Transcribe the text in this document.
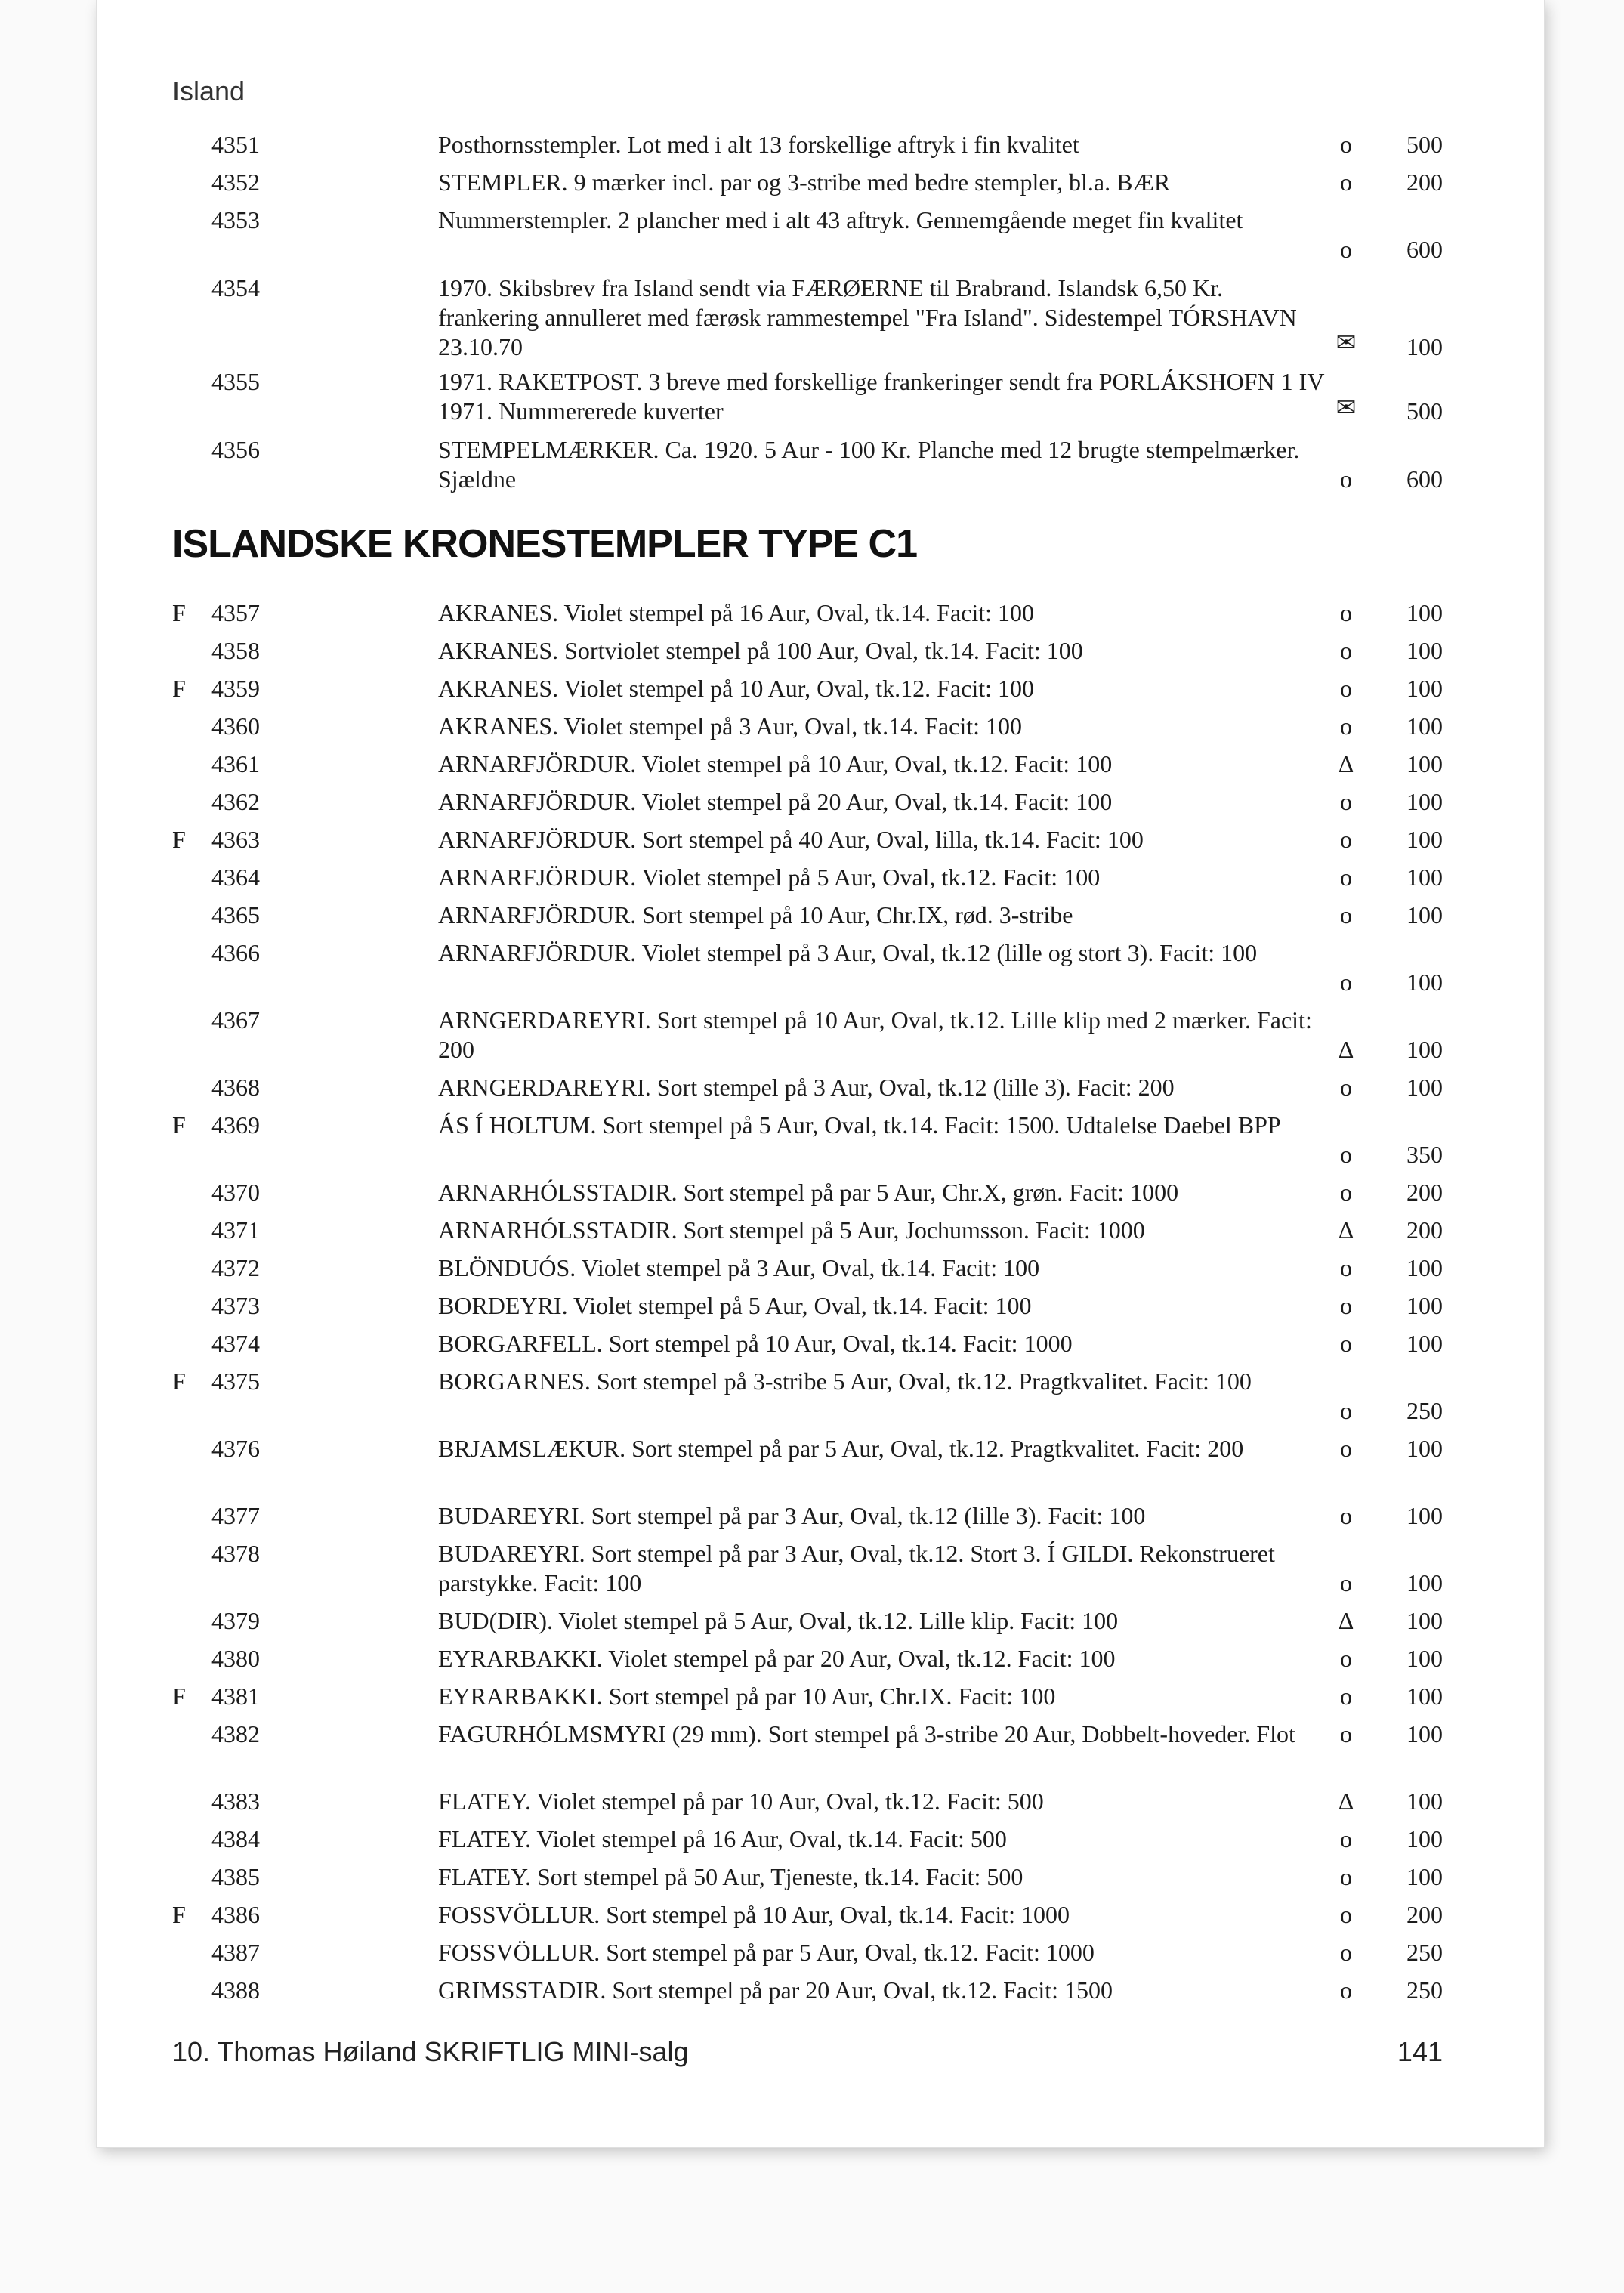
Island
4351	Posthornsstempler. Lot med i alt 13 forskellige aftryk i fin kvalitet	o	500
4352	STEMPLER. 9 mærker incl. par og 3-stribe med bedre stempler, bl.a. BÆR	o	200
4353	Nummerstempler. 2 plancher med i alt 43 aftryk. Gennemgående meget fin kvalitet
o	600
4354	1970. Skibsbrev fra Island sendt via FÆRØERNE til Brabrand. Islandsk 6,50 Kr. frankering annulleret med færøsk rammestempel "Fra Island". Sidestempel TÓRSHAVN 23.10.70	✉	100
4355	1971. RAKETPOST. 3 breve med forskellige frankeringer sendt fra PORLÁKSHOFN 1 IV 1971. Nummererede kuverter	✉	500
4356	STEMPELMÆRKER. Ca. 1920. 5 Aur - 100 Kr. Planche med 12 brugte stempelmærker. Sjældne	o	600
ISLANDSKE KRONESTEMPLER TYPE C1
F 4357	AKRANES. Violet stempel på 16 Aur, Oval, tk.14. Facit: 100	o	100
4358	AKRANES. Sortviolet stempel på 100 Aur, Oval, tk.14. Facit: 100	o	100
F 4359	AKRANES. Violet stempel på 10 Aur, Oval, tk.12. Facit: 100	o	100
4360	AKRANES. Violet stempel på 3 Aur, Oval, tk.14. Facit: 100	o	100
4361	ARNARFJÖRDUR. Violet stempel på 10 Aur, Oval, tk.12. Facit: 100	Δ	100
4362	ARNARFJÖRDUR. Violet stempel på 20 Aur, Oval, tk.14. Facit: 100	o	100
F 4363	ARNARFJÖRDUR. Sort stempel på 40 Aur, Oval, lilla, tk.14. Facit: 100	o	100
4364	ARNARFJÖRDUR. Violet stempel på 5 Aur, Oval, tk.12. Facit: 100	o	100
4365	ARNARFJÖRDUR. Sort stempel på 10 Aur, Chr.IX, rød. 3-stribe	o	100
4366	ARNARFJÖRDUR. Violet stempel på 3 Aur, Oval, tk.12 (lille og stort 3). Facit: 100
o	100
4367	ARNGERDAREYRI. Sort stempel på 10 Aur, Oval, tk.12. Lille klip med 2 mærker. Facit: 200	Δ	100
4368	ARNGERDAREYRI. Sort stempel på 3 Aur, Oval, tk.12 (lille 3). Facit: 200	o	100
F 4369	ÁS Í HOLTUM. Sort stempel på 5 Aur, Oval, tk.14. Facit: 1500. Udtalelse Daebel BPP
o	350
4370	ARNARHÓLSSTADIR. Sort stempel på par 5 Aur, Chr.X, grøn. Facit: 1000	o	200
4371	ARNARHÓLSSTADIR. Sort stempel på 5 Aur, Jochumsson. Facit: 1000	Δ	200
4372	BLÖNDUÓS. Violet stempel på 3 Aur, Oval, tk.14. Facit: 100	o	100
4373	BORDEYRI. Violet stempel på 5 Aur, Oval, tk.14. Facit: 100	o	100
4374	BORGARFELL. Sort stempel på 10 Aur, Oval, tk.14. Facit: 1000	o	100
F 4375	BORGARNES. Sort stempel på 3-stribe 5 Aur, Oval, tk.12. Pragtkvalitet. Facit: 100
o	250
4376	BRJAMSLÆKUR. Sort stempel på par 5 Aur, Oval, tk.12. Pragtkvalitet. Facit: 200	o	100
4377	BUDAREYRI. Sort stempel på par 3 Aur, Oval, tk.12 (lille 3). Facit: 100	o	100
4378	BUDAREYRI. Sort stempel på par 3 Aur, Oval, tk.12. Stort 3. Í GILDI. Rekonstrueret parstykke. Facit: 100	o	100
4379	BUD(DIR). Violet stempel på 5 Aur, Oval, tk.12. Lille klip. Facit: 100	Δ	100
4380	EYRARBAKKI. Violet stempel på par 20 Aur, Oval, tk.12. Facit: 100	o	100
F 4381	EYRARBAKKI. Sort stempel på par 10 Aur, Chr.IX. Facit: 100	o	100
4382	FAGURHÓLMSMYRI (29 mm). Sort stempel på 3-stribe 20 Aur, Dobbelt-hoveder. Flot	o	100
4383	FLATEY. Violet stempel på par 10 Aur, Oval, tk.12. Facit: 500	Δ	100
4384	FLATEY. Violet stempel på 16 Aur, Oval, tk.14. Facit: 500	o	100
4385	FLATEY. Sort stempel på 50 Aur, Tjeneste, tk.14. Facit: 500	o	100
F 4386	FOSSVÖLLUR. Sort stempel på 10 Aur, Oval, tk.14. Facit: 1000	o	200
4387	FOSSVÖLLUR. Sort stempel på par 5 Aur, Oval, tk.12. Facit: 1000	o	250
4388	GRIMSSTADIR. Sort stempel på par 20 Aur, Oval, tk.12. Facit: 1500	o	250
10. Thomas Høiland SKRIFTLIG MINI-salg	141
